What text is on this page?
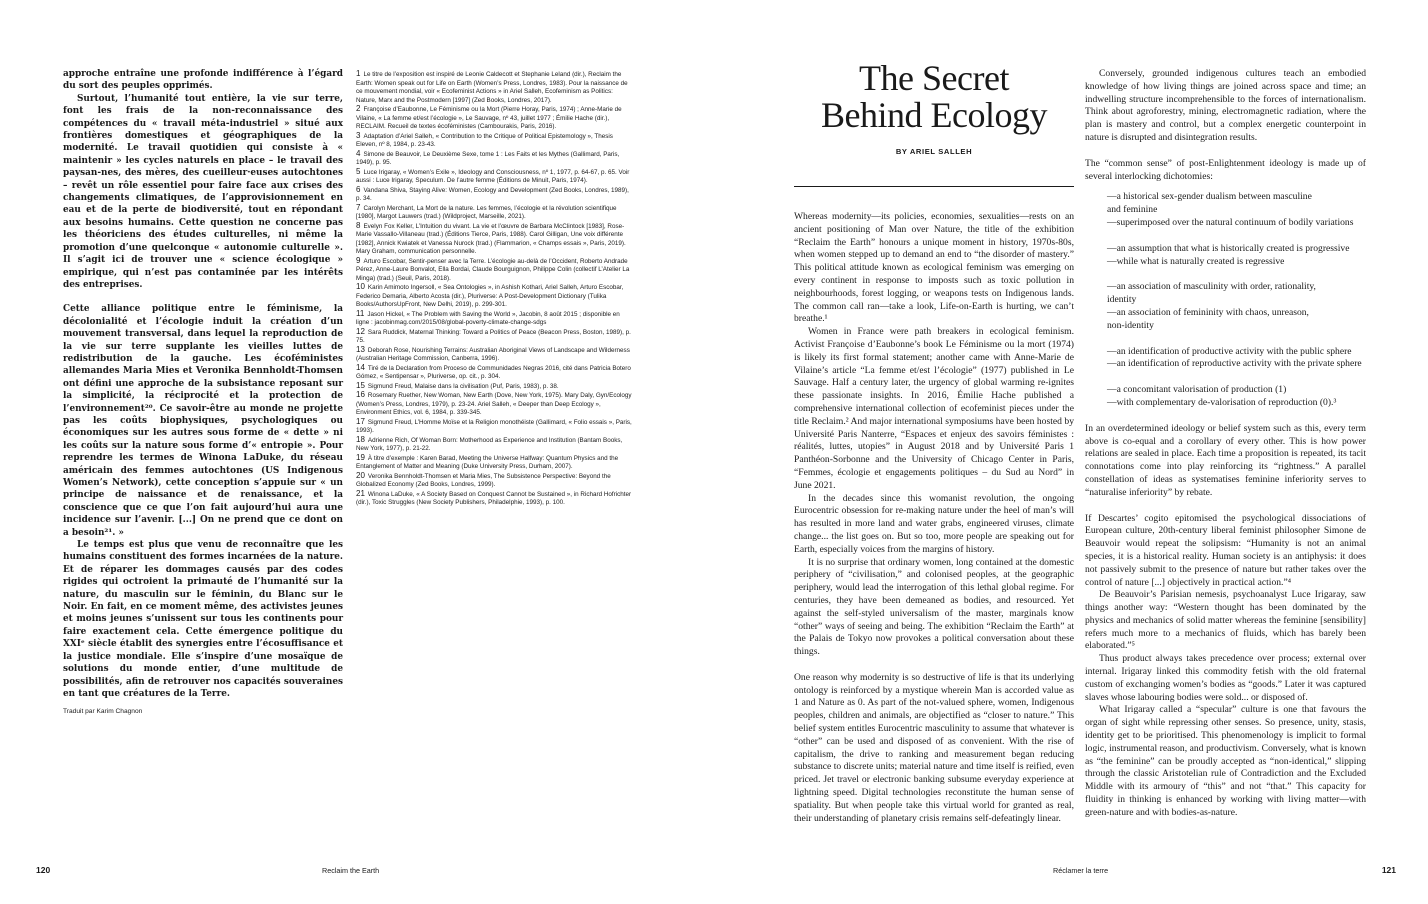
approche entraîne une profonde indifférence à l’égard du sort des peuples opprimés.

Surtout, l’humanité tout entière, la vie sur terre, font les frais de la non-reconnaissance des compétences du « travail méta-industriel » situé aux frontières domestiques et géographiques de la modernité. Le travail quotidien qui consiste à « maintenir » les cycles naturels en place – le travail des paysan-nes, des mères, des cueilleur·euses autochtones – revêt un rôle essentiel pour faire face aux crises des changements climatiques, de l’approvisionnement en eau et de la perte de biodiversité, tout en répondant aux besoins humains. Cette question ne concerne pas les théoriciens des études culturelles, ni même la promotion d’une quelconque « autonomie culturelle ». Il s’agit ici de trouver une « science écologique » empirique, qui n’est pas contaminée par les intérêts des entreprises.

Cette alliance politique entre le féminisme, la décolonialité et l’écologie induit la création d’un mouvement transversal, dans lequel la reproduction de la vie sur terre supplante les vieilles luttes de redistribution de la gauche. Les écoféministes allemandes Maria Mies et Veronika Bennholdt-Thomsen ont défini une approche de la subsistance reposant sur la simplicité, la réciprocité et la protection de l’environnement²⁰. Ce savoir-être au monde ne projette pas les coûts biophysiques, psychologiques ou économiques sur les autres sous forme de « dette » ni les coûts sur la nature sous forme d’« entropie ». Pour reprendre les termes de Winona LaDuke, du réseau américain des femmes autochtones (US Indigenous Women’s Network), cette conception s’appuie sur « un principe de naissance et de renaissance, et la conscience que ce que l’on fait aujourd’hui aura une incidence sur l’avenir. [...] On ne prend que ce dont on a besoin²¹. »

Le temps est plus que venu de reconnaître que les humains constituent des formes incarnées de la nature. Et de réparer les dommages causés par des codes rigides qui octroient la primauté de l’humanité sur la nature, du masculin sur le féminin, du Blanc sur le Noir. En fait, en ce moment même, des activistes jeunes et moins jeunes s’unissent sur tous les continents pour faire exactement cela. Cette émergence politique du XXIᵉ siècle établit des synergies entre l’écosuffisance et la justice mondiale. Elle s’inspire d’une mosaïque de solutions du monde entier, d’une multitude de possibilités, afin de retrouver nos capacités souveraines en tant que créatures de la Terre.

Traduit par Karim Chagnon
1 Le titre de l’exposition est inspiré de Leonie Caldecott et Stephanie Leland (dir.), Reclaim the Earth: Women speak out for Life on Earth (Women’s Press, Londres, 1983). Pour la naissance de ce mouvement mondial, voir « Ecofeminist Actions » in Ariel Salleh, Ecofeminism as Politics: Nature, Marx and the Postmodern [1997] (Zed Books, Londres, 2017).
2 Françoise d’Eaubonne, Le Féminisme ou la Mort (Pierre Horay, Paris, 1974) ; Anne-Marie de Vilaine, « La femme et/est l’écologie », Le Sauvage, nº 43, juillet 1977 ; Émilie Hache (dir.), RECLAIM. Recueil de textes écoféministes (Cambourakis, Paris, 2016).
3 Adaptation d’Ariel Salleh, « Contribution to the Critique of Political Epistemology », Thesis Eleven, nº 8, 1984, p. 23-43.
4 Simone de Beauvoir, Le Deuxième Sexe, tome 1 : Les Faits et les Mythes (Gallimard, Paris, 1949), p. 95.
5 Luce Irigaray, « Women’s Exile », Ideology and Consciousness, nº 1, 1977, p. 64-67, p. 65. Voir aussi : Luce Irigaray, Speculum. De l’autre femme (Éditions de Minuit, Paris, 1974).
6 Vandana Shiva, Staying Alive: Women, Ecology and Development (Zed Books, Londres, 1989), p. 34.
7 Carolyn Merchant, La Mort de la nature. Les femmes, l’écologie et la révolution scientifique [1980], Margot Lauwers (trad.) (Wildproject, Marseille, 2021).
8 Evelyn Fox Keller, L’Intuition du vivant. La vie et l’œuvre de Barbara McClintock [1983], Rose-Marie Vassallo-Villaneau (trad.) (Éditions Tierce, Paris, 1988). Carol Gilligan, Une voix différente [1982], Annick Kwiatek et Vanessa Nurock (trad.) (Flammarion, « Champs essais », Paris, 2019). Mary Graham, communication personnelle.
9 Arturo Escobar, Sentir-penser avec la Terre. L’écologie au-delà de l’Occident, Roberto Andrade Pérez, Anne-Laure Bonvalot, Ella Bordai, Claude Bourguignon, Philippe Colin (collectif L’Atelier La Minga) (trad.) (Seuil, Paris, 2018).
10 Karin Amimoto Ingersoll, « Sea Ontologies », in Ashish Kothari, Ariel Salleh, Arturo Escobar, Federico Demaria, Alberto Acosta (dir.), Pluriverse: A Post-Development Dictionary (Tulika Books/AuthorsUpFront, New Delhi, 2019), p. 299-301.
11 Jason Hickel, « The Problem with Saving the World », Jacobin, 8 août 2015 ; disponible en ligne : jacobinmag.com/2015/08/global-poverty-climate-change-sdgs
12 Sara Ruddick, Maternal Thinking: Toward a Politics of Peace (Beacon Press, Boston, 1989), p. 75.
13 Deborah Rose, Nourishing Terrains: Australian Aboriginal Views of Landscape and Wilderness (Australian Heritage Commission, Canberra, 1996).
14 Tiré de la Declaration from Proceso de Communidades Negras 2016, cité dans Patricia Botero Gómez, « Sentipensar », Pluriverse, op. cit., p. 304.
15 Sigmund Freud, Malaise dans la civilisation (Puf, Paris, 1983), p. 38.
16 Rosemary Ruether, New Woman, New Earth (Dove, New York, 1975). Mary Daly, Gyn/Ecology (Women’s Press, Londres, 1979), p. 23-24. Ariel Salleh, « Deeper than Deep Ecology », Environment Ethics, vol. 6, 1984, p. 339-345.
17 Sigmund Freud, L’Homme Moïse et la Religion monothéiste (Gallimard, « Folio essais », Paris, 1993).
18 Adrienne Rich, Of Woman Born: Motherhood as Experience and Institution (Bantam Books, New York, 1977), p. 21-22.
19 À titre d’exemple : Karen Barad, Meeting the Universe Halfway: Quantum Physics and the Entanglement of Matter and Meaning (Duke University Press, Durham, 2007).
20 Veronika Bennholdt-Thomsen et Maria Mies, The Subsistence Perspective: Beyond the Globalized Economy (Zed Books, Londres, 1999).
21 Winona LaDuke, « A Society Based on Conquest Cannot be Sustained », in Richard Hofrichter (dir.), Toxic Struggles (New Society Publishers, Philadelphie, 1993), p. 100.
120	Reclaim the Earth
The Secret
Behind Ecology
BY ARIEL SALLEH

Whereas modernity—its policies, economies, sexualities—rests on an ancient positioning of Man over Nature, the title of the exhibition “Reclaim the Earth” honours a unique moment in history, 1970s-80s, when women stepped up to demand an end to “the disorder of mastery.” This political attitude known as ecological feminism was emerging on every continent in response to imposts such as toxic pollution in neighbourhoods, forest logging, or weapons tests on Indigenous lands. The common call ran—take a look, Life-on-Earth is hurting, we can’t breathe.¹

Women in France were path breakers in ecological feminism. Activist Françoise d’Eaubonne’s book Le Féminisme ou la mort (1974) is likely its first formal statement; another came with Anne-Marie de Vilaine’s article “La femme et/est l’écologie” (1977) published in Le Sauvage. Half a century later, the urgency of global warming re-ignites these passionate insights. In 2016, Émilie Hache published a comprehensive international collection of ecofeminist pieces under the title Reclaim.² And major international symposiums have been hosted by Université Paris Nanterre, “Espaces et enjeux des savoirs féministes : réalités, luttes, utopies” in August 2018 and by Université Paris 1 Panthéon-Sorbonne and the University of Chicago Center in Paris, “Femmes, écologie et engagements politiques – du Sud au Nord” in June 2021.

In the decades since this womanist revolution, the ongoing Eurocentric obsession for re-making nature under the heel of man’s will has resulted in more land and water grabs, engineered viruses, climate change... the list goes on. But so too, more people are speaking out for Earth, especially voices from the margins of history.

It is no surprise that ordinary women, long contained at the domestic periphery of “civilisation,” and colonised peoples, at the geographic periphery, would lead the interrogation of this lethal global regime. For centuries, they have been demeaned as bodies, and resourced. Yet against the self-styled universalism of the master, marginals know “other” ways of seeing and being. The exhibition “Reclaim the Earth” at the Palais de Tokyo now provokes a political conversation about these things.

One reason why modernity is so destructive of life is that its underlying ontology is reinforced by a mystique wherein Man is accorded value as 1 and Nature as 0. As part of the not-valued sphere, women, Indigenous peoples, children and animals, are objectified as “closer to nature.” This belief system entitles Eurocentric masculinity to assume that whatever is “other” can be used and disposed of as convenient. With the rise of capitalism, the drive to ranking and measurement began reducing substance to discrete units; material nature and time itself is reified, even priced. Jet travel or electronic banking subsume everyday experience at lightning speed. Digital technologies reconstitute the human sense of spatiality. But when people take this virtual world for granted as real, their understanding of planetary crisis remains self-defeatingly linear.

Conversely, grounded indigenous cultures teach an embodied knowledge of how living things are joined across space and time; an indwelling structure incomprehensible to the forces of internationalism. Think about agroforestry, mining, electromagnetic radiation, where the plan is mastery and control, but a complex energetic counterpoint in nature is disrupted and disintegration results.

The “common sense” of post-Enlightenment ideology is made up of several interlocking dichotomies:

—a historical sex-gender dualism between masculine
and feminine
—superimposed over the natural continuum of bodily variations
—an assumption that what is historically created is progressive
—while what is naturally created is regressive
—an association of masculinity with order, rationality,
identity
—an association of femininity with chaos, unreason,
non-identity
—an identification of productive activity with the public sphere
—an identification of reproductive activity with the private sphere
—a concomitant valorisation of production (1)
—with complementary de-valorisation of reproduction (0).³

In an overdetermined ideology or belief system such as this, every term above is co-equal and a corollary of every other. This is how power relations are sealed in place. Each time a proposition is repeated, its tacit connotations come into play reinforcing its “rightness.” A parallel constellation of ideas as systematises feminine inferiority serves to “naturalise inferiority” by rebate.

If Descartes’ cogito epitomised the psychological dissociations of European culture, 20th-century liberal feminist philosopher Simone de Beauvoir would repeat the solipsism: “Humanity is not an animal species, it is a historical reality. Human society is an antiphysis: it does not passively submit to the presence of nature but rather takes over the control of nature [...] objectively in practical action.”⁴

De Beauvoir’s Parisian nemesis, psychoanalyst Luce Irigaray, saw things another way: “Western thought has been dominated by the physics and mechanics of solid matter whereas the feminine [sensibility] refers much more to a mechanics of fluids, which has barely been elaborated.”⁵

Thus product always takes precedence over process; external over internal. Irigaray linked this commodity fetish with the old fraternal custom of exchanging women’s bodies as “goods.” Later it was captured slaves whose labouring bodies were sold... or disposed of.

What Irigaray called a “specular” culture is one that favours the organ of sight while repressing other senses. So presence, unity, stasis, identity get to be prioritised. This phenomenology is implicit to formal logic, instrumental reason, and productivism. Conversely, what is known as “the feminine” can be proudly accepted as “non-identical,” slipping through the classic Aristotelian rule of Contradiction and the Excluded Middle with its armoury of “this” and not “that.” This capacity for fluidity in thinking is enhanced by working with living matter—with green-nature and with bodies-as-nature.

Réclamer la terre	121
